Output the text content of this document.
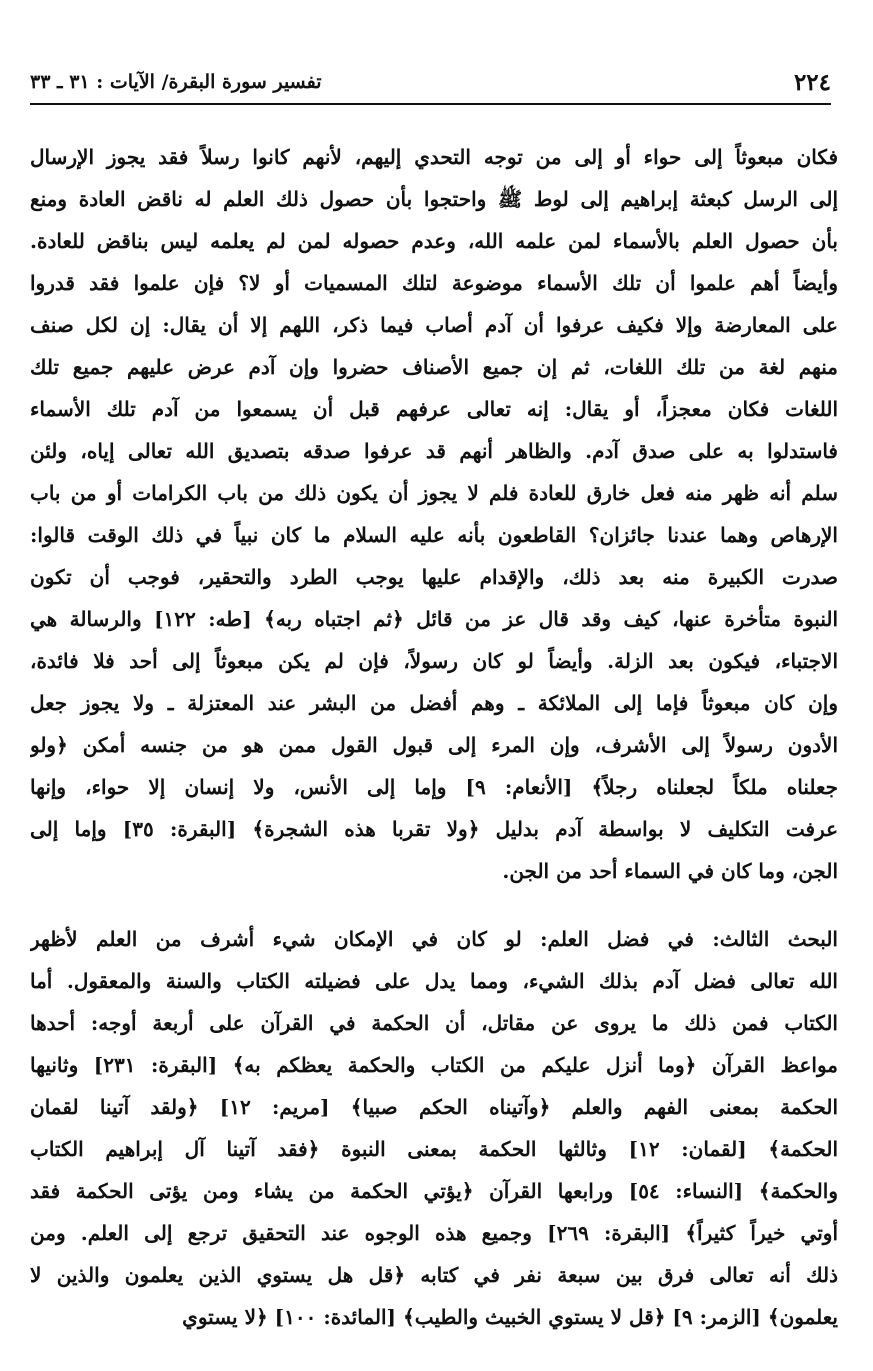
٢٢٤
تفسير سورة البقرة/ الآيات : ٣١ ـ ٣٣
فكان مبعوثاً إلى حواء أو إلى من توجه التحدي إليهم، لأنهم كانوا رسلاً فقد يجوز الإرسال
إلى الرسل كبعثة إبراهيم إلى لوط ﷺ واحتجوا بأن حصول ذلك العلم له ناقض العادة ومنع
بأن حصول العلم بالأسماء لمن علمه الله، وعدم حصوله لمن لم يعلمه ليس بناقض للعادة.
وأيضاً أهم علموا أن تلك الأسماء موضوعة لتلك المسميات أو لا؟ فإن علموا فقد قدروا
على المعارضة وإلا فكيف عرفوا أن آدم أصاب فيما ذكر، اللهم إلا أن يقال: إن لكل صنف
منهم لغة من تلك اللغات، ثم إن جميع الأصناف حضروا وإن آدم عرض عليهم جميع تلك
اللغات فكان معجزاً، أو يقال: إنه تعالى عرفهم قبل أن يسمعوا من آدم تلك الأسماء
فاستدلوا به على صدق آدم. والظاهر أنهم قد عرفوا صدقه بتصديق الله تعالى إياه، ولئن
سلم أنه ظهر منه فعل خارق للعادة فلم لا يجوز أن يكون ذلك من باب الكرامات أو من باب
الإرهاص وهما عندنا جائزان؟ القاطعون بأنه عليه السلام ما كان نبياً في ذلك الوقت قالوا:
صدرت الكبيرة منه بعد ذلك، والإقدام عليها يوجب الطرد والتحقير، فوجب أن تكون
النبوة متأخرة عنها، كيف وقد قال عز من قائل ﴿ثم اجتباه ربه﴾ [طه: ١٢٢] والرسالة هي
الاجتباء، فيكون بعد الزلة. وأيضاً لو كان رسولاً، فإن لم يكن مبعوثاً إلى أحد فلا فائدة،
وإن كان مبعوثاً فإما إلى الملائكة ـ وهم أفضل من البشر عند المعتزلة ـ ولا يجوز جعل
الأدون رسولاً إلى الأشرف، وإن المرء إلى قبول القول ممن هو من جنسه أمكن ﴿ولو
جعلناه ملكاً لجعلناه رجلاً﴾ [الأنعام: ٩] وإما إلى الأنس، ولا إنسان إلا حواء، وإنها
عرفت التكليف لا بواسطة آدم بدليل ﴿ولا تقربا هذه الشجرة﴾ [البقرة: ٣٥] وإما إلى
الجن، وما كان في السماء أحد من الجن.
البحث الثالث: في فضل العلم: لو كان في الإمكان شيء أشرف من العلم لأظهر
الله تعالى فضل آدم بذلك الشيء، ومما يدل على فضيلته الكتاب والسنة والمعقول. أما
الكتاب فمن ذلك ما يروى عن مقاتل، أن الحكمة في القرآن على أربعة أوجه: أحدها
مواعظ القرآن ﴿وما أنزل عليكم من الكتاب والحكمة يعظكم به﴾ [البقرة: ٢٣١] وثانيها
الحكمة بمعنى الفهم والعلم ﴿وآتيناه الحكم صبيا﴾ [مريم: ١٢] ﴿ولقد آتينا لقمان
الحكمة﴾ [لقمان: ١٢] وثالثها الحكمة بمعنى النبوة ﴿فقد آتينا آل إبراهيم الكتاب
والحكمة﴾ [النساء: ٥٤] ورابعها القرآن ﴿يؤتي الحكمة من يشاء ومن يؤتى الحكمة فقد
أوتي خيراً كثيراً﴾ [البقرة: ٢٦٩] وجميع هذه الوجوه عند التحقيق ترجع إلى العلم. ومن
ذلك أنه تعالى فرق بين سبعة نفر في كتابه ﴿قل هل يستوي الذين يعلمون والذين لا
يعلمون﴾ [الزمر: ٩] ﴿قل لا يستوي الخبيث والطيب﴾ [المائدة: ١٠٠] ﴿لا يستوي
